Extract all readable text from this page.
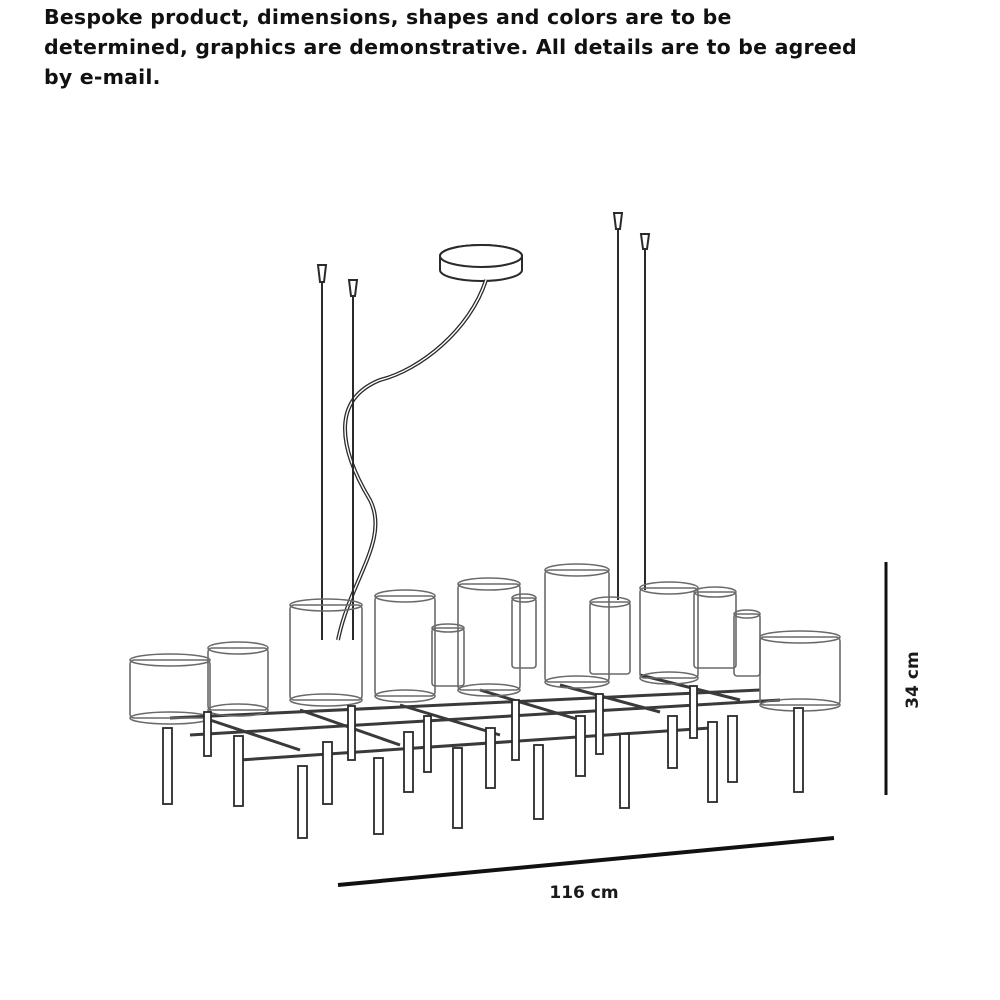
Bespoke product, dimensions, shapes and colors are to be
determined, graphics are demonstrative. All details are to be agreed
by e-mail.
34 cm
116 cm
